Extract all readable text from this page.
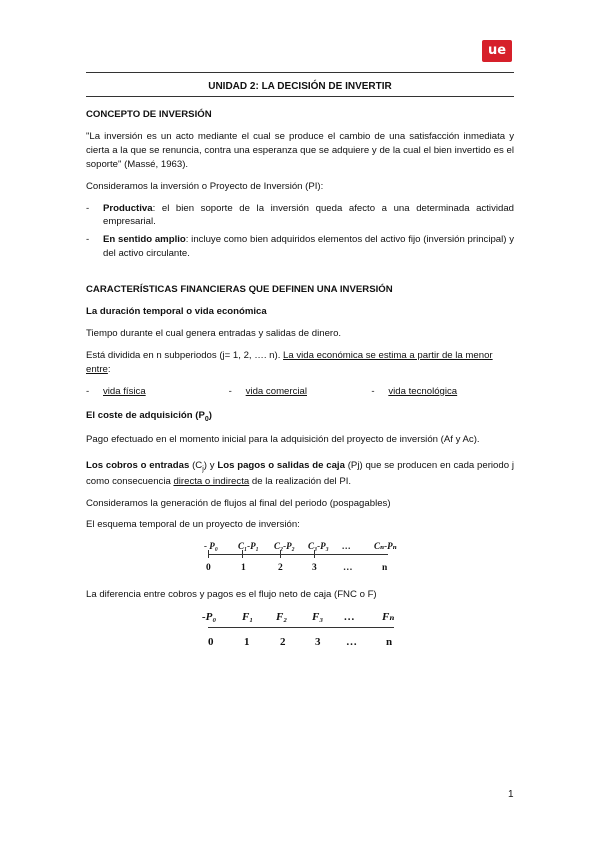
ue
UNIDAD 2: LA DECISIÓN DE INVERTIR
CONCEPTO DE INVERSIÓN

"La inversión es un acto mediante el cual se produce el cambio de una satisfacción inmediata y cierta a la que se renuncia, contra una esperanza que se adquiere y de la cual el bien invertido es el soporte" (Massé, 1963).

Consideramos la inversión o Proyecto de Inversión (PI):

- Productiva: el bien soporte de la inversión queda afecto a una determinada actividad empresarial.
- En sentido amplio: incluye como bien adquiridos elementos del activo fijo (inversión principal) y del activo circulante.
CARACTERÍSTICAS FINANCIERAS QUE DEFINEN UNA INVERSIÓN
La duración temporal o vida económica

Tiempo durante el cual genera entradas y salidas de dinero.

Está dividida en n subperiodos (j= 1, 2, …. n). La vida económica se estima a partir de la menor entre:

-	vida física	-	vida comercial	-	vida tecnológica
El coste de adquisición $(P_0)$

Pago efectuado en el momento inicial para la adquisición del proyecto de inversión (Af y Ac).

Los cobros o entradas $(C_j)$ y Los pagos o salidas de caja (Pj) que se producen en cada periodo j como consecuencia directa o indirecta de la realización del PI.

Consideramos la generación de flujos al final del periodo (pospagables)

El esquema temporal de un proyecto de inversión:

- P₀ C₁-P₁ C₂-P₂ C₃-P₃ …	Cₙ-Pₙ
0	1	2	3	…	n

La diferencia entre cobros y pagos es el flujo neto de caja (FNC o F)

-P₀ F₁ F₂ F₃ … Fₙ
0	1	2	3 …	n
1
